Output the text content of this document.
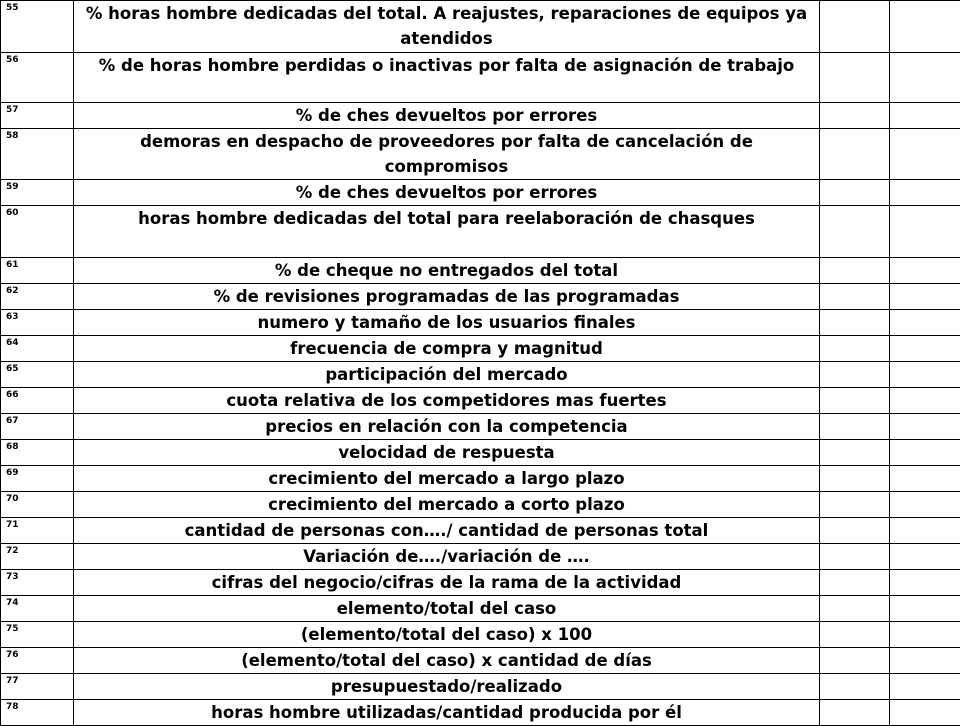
55	% horas hombre dedicadas del total. A reajustes, reparaciones de equipos ya atendidos		
56	% de horas hombre perdidas o inactivas por falta de asignación de trabajo		
57	% de ches devueltos por errores		
58	demoras en despacho de proveedores por falta de cancelación de compromisos		
59	% de ches devueltos por errores		
60	horas hombre dedicadas del total para reelaboración de chasques		
61	% de cheque no entregados del total		
62	% de revisiones programadas de las programadas		
63	numero y tamaño de los usuarios finales		
64	frecuencia de compra y magnitud		
65	participación del mercado		
66	cuota relativa de los competidores mas fuertes		
67	precios en relación con la competencia		
68	velocidad de respuesta		
69	crecimiento del mercado a largo plazo		
70	crecimiento del mercado a corto plazo		
71	cantidad de personas con…./ cantidad de personas total		
72	Variación de…./variación de ….		
73	cifras del negocio/cifras de la rama de la actividad		
74	elemento/total del caso		
75	(elemento/total del caso) x 100		
76	(elemento/total del caso) x cantidad de días		
77	presupuestado/realizado		
78	horas hombre utilizadas/cantidad producida por él		
